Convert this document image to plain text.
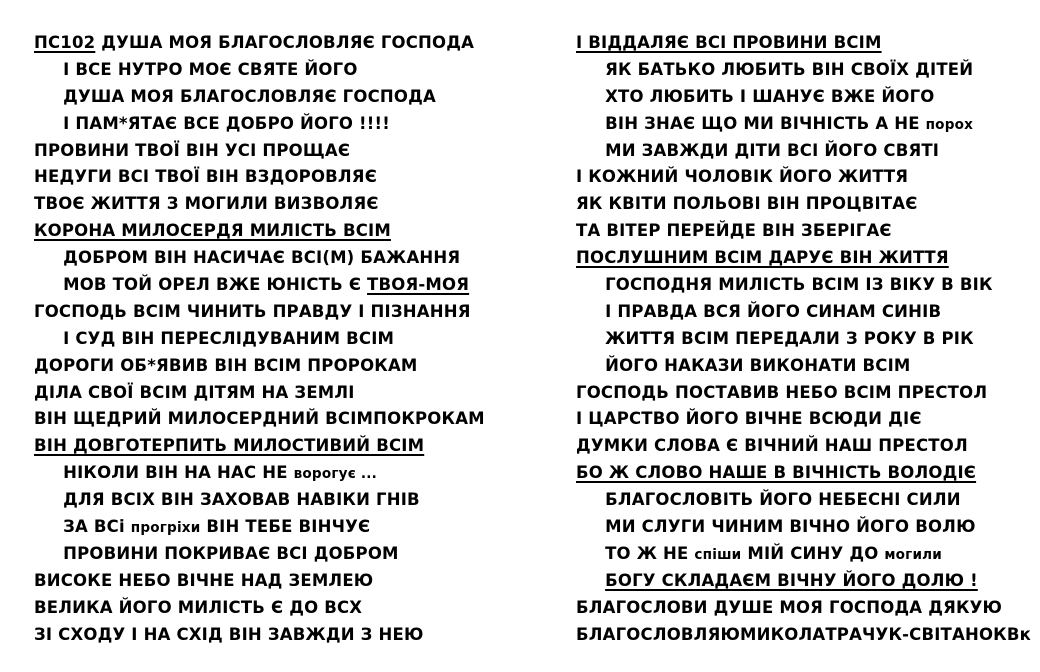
ПС102 ДУША МОЯ БЛАГОСЛОВЛЯЄ ГОСПОДА
І ВСЕ НУТРО МОЄ СВЯТЕ ЙОГО
ДУША МОЯ БЛАГОСЛОВЛЯЄ ГОСПОДА
І ПАМ*ЯТАЄ ВСЕ ДОБРО ЙОГО !!!!
ПРОВИНИ ТВОЇ ВІН УСІ ПРОЩАЄ
НЕДУГИ ВСІ ТВОЇ ВІН ВЗДОРОВЛЯЄ
ТВОЄ ЖИТТЯ З МОГИЛИ ВИЗВОЛЯЄ
КОРОНА МИЛОСЕРДЯ МИЛІСТЬ ВСІМ
ДОБРОМ ВІН НАСИЧАЄ ВСІ(М) БАЖАННЯ
МОВ ТОЙ ОРЕЛ ВЖЕ ЮНІСТЬ Є ТВОЯ-МОЯ
ГОСПОДЬ ВСІМ ЧИНИТЬ ПРАВДУ І ПІЗНАННЯ
І СУД ВІН ПЕРЕСЛІДУВАНИМ ВСІМ
ДОРОГИ ОБ*ЯВИВ ВІН ВСІМ ПРОРОКАМ
ДІЛА СВОЇ ВСІМ ДІТЯМ НА ЗЕМЛІ
ВІН ЩЕДРИЙ МИЛОСЕРДНИЙ ВСІМПОКРОКАМ
ВІН ДОВГОТЕРПИТЬ МИЛОСТИВИЙ ВСІМ
НІКОЛИ ВІН НА НАС НЕ ворогує ...
ДЛЯ ВСІХ ВІН ЗАХОВАВ НАВІКИ ГНІВ
ЗА ВСі прогріхи ВІН ТЕБЕ ВІНЧУЄ
ПРОВИНИ ПОКРИВАЄ ВСІ ДОБРОМ
ВИСОКЕ НЕБО ВІЧНЕ НАД ЗЕМЛЕЮ
ВЕЛИКА ЙОГО МИЛІСТЬ Є ДО ВСХ
ЗІ СХОДУ І НА СХІД ВІН ЗАВЖДИ З НЕЮ
І ВІДДАЛЯЄ ВСІ ПРОВИНИ ВСІМ
ЯК БАТЬКО ЛЮБИТЬ ВІН СВОЇХ ДІТЕЙ
ХТО ЛЮБИТЬ І ШАНУЄ ВЖЕ ЙОГО
ВІН ЗНАЄ ЩО МИ ВІЧНІСТЬ А НЕ порох
МИ ЗАВЖДИ ДІТИ ВСІ ЙОГО СВЯТІ
І КОЖНИЙ ЧОЛОВІК ЙОГО ЖИТТЯ
ЯК КВІТИ ПОЛЬОВІ ВІН ПРОЦВІТАЄ
ТА ВІТЕР ПЕРЕЙДЕ ВІН ЗБЕРІГАЄ
ПОСЛУШНИМ ВСІМ ДАРУЄ ВІН ЖИТТЯ
ГОСПОДНЯ МИЛІСТЬ ВСІМ ІЗ ВІКУ В ВІК
І ПРАВДА ВСЯ ЙОГО СИНАМ СИНІВ
ЖИТТЯ ВСІМ ПЕРЕДАЛИ З РОКУ В РІК
ЙОГО НАКАЗИ ВИКОНАТИ ВСІМ
ГОСПОДЬ ПОСТАВИВ НЕБО ВСІМ ПРЕСТОЛ
І ЦАРСТВО ЙОГО ВІЧНЕ ВСЮДИ ДІЄ
ДУМКИ СЛОВА Є ВІЧНИЙ НАШ ПРЕСТОЛ
БО Ж СЛОВО НАШЕ В ВІЧНІСТЬ ВОЛОДІЄ
БЛАГОСЛОВІТЬ ЙОГО НЕБЕСНІ СИЛИ
МИ СЛУГИ ЧИНИМ ВІЧНО ЙОГО ВОЛЮ
ТО Ж НЕ спіши МІЙ СИНУ ДО могили
БОГУ СКЛАДАЄМ ВІЧНУ ЙОГО ДОЛЮ !
БЛАГОСЛОВИ ДУШЕ МОЯ ГОСПОДА ДЯКУЮ
БЛАГОСЛОВЛЯЮМИКОЛАТРАЧУК-СВІТАНОКВк
